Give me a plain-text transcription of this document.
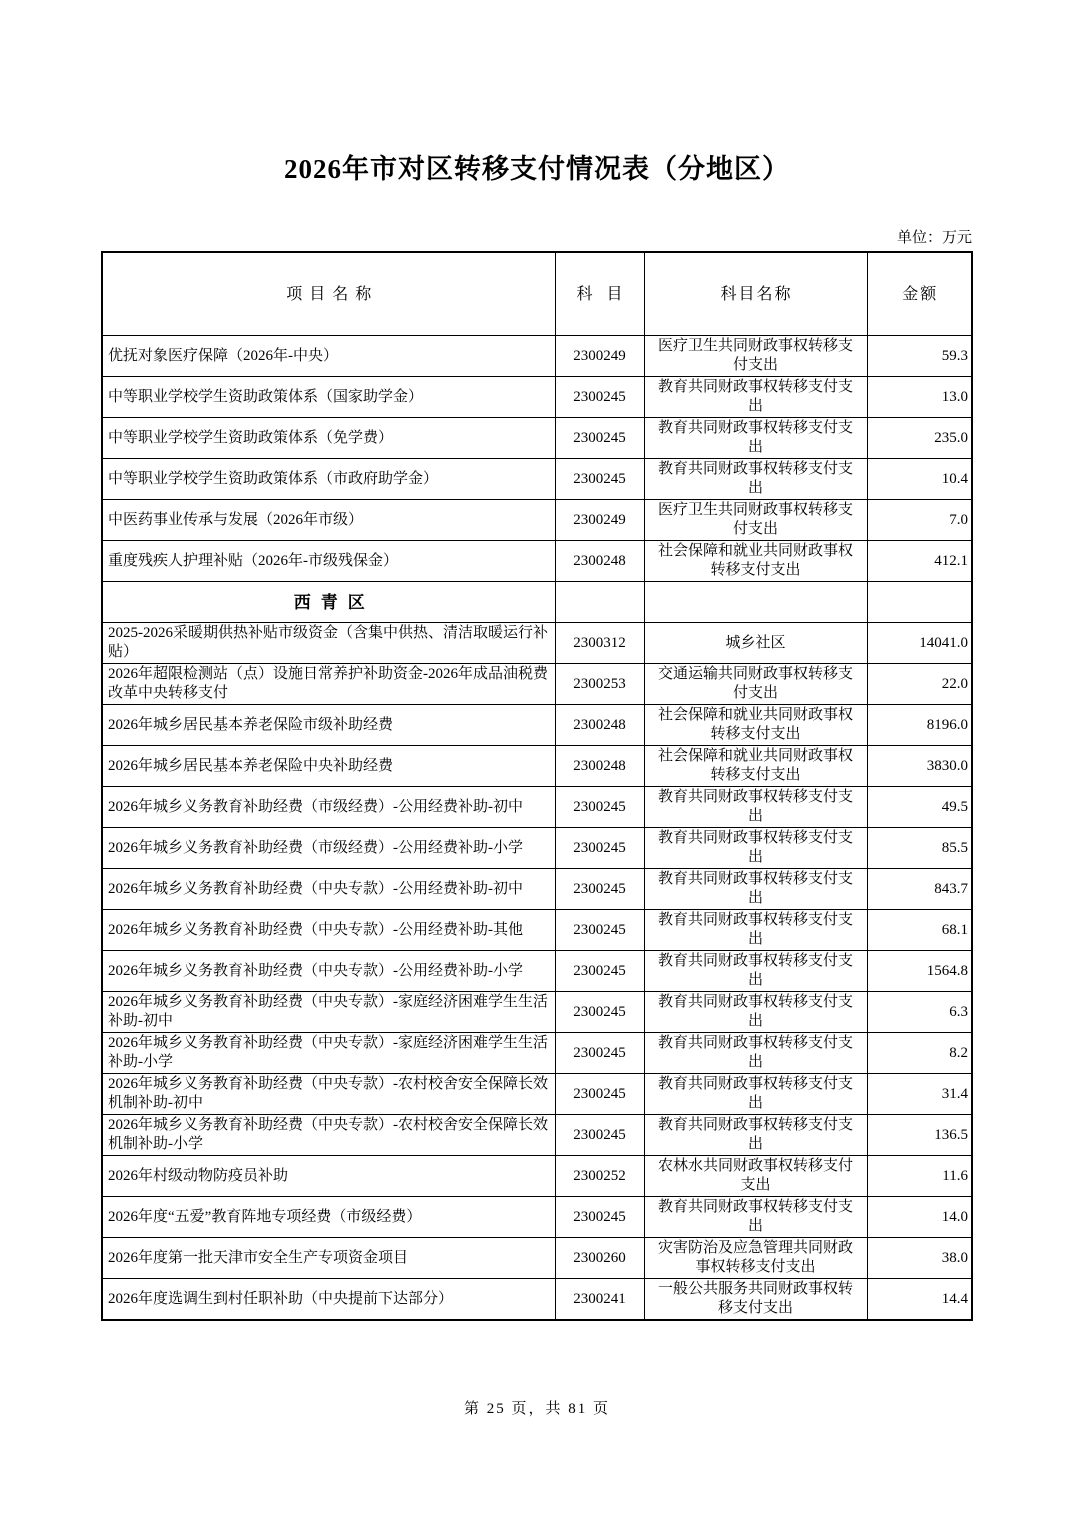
2026年市对区转移支付情况表（分地区）
单位：万元
项目名称	科目	科目名称	金额
优抚对象医疗保障（2026年-中央）	2300249	医疗卫生共同财政事权转移支付支出	59.3
中等职业学校学生资助政策体系（国家助学金）	2300245	教育共同财政事权转移支付支出	13.0
中等职业学校学生资助政策体系（免学费）	2300245	教育共同财政事权转移支付支出	235.0
中等职业学校学生资助政策体系（市政府助学金）	2300245	教育共同财政事权转移支付支出	10.4
中医药事业传承与发展（2026年市级）	2300249	医疗卫生共同财政事权转移支付支出	7.0
重度残疾人护理补贴（2026年-市级残保金）	2300248	社会保障和就业共同财政事权转移支付支出	412.1
西青区			
2025-2026采暖期供热补贴市级资金（含集中供热、清洁取暖运行补贴）	2300312	城乡社区	14041.0
2026年超限检测站（点）设施日常养护补助资金-2026年成品油税费改革中央转移支付	2300253	交通运输共同财政事权转移支付支出	22.0
2026年城乡居民基本养老保险市级补助经费	2300248	社会保障和就业共同财政事权转移支付支出	8196.0
2026年城乡居民基本养老保险中央补助经费	2300248	社会保障和就业共同财政事权转移支付支出	3830.0
2026年城乡义务教育补助经费（市级经费）-公用经费补助-初中	2300245	教育共同财政事权转移支付支出	49.5
2026年城乡义务教育补助经费（市级经费）-公用经费补助-小学	2300245	教育共同财政事权转移支付支出	85.5
2026年城乡义务教育补助经费（中央专款）-公用经费补助-初中	2300245	教育共同财政事权转移支付支出	843.7
2026年城乡义务教育补助经费（中央专款）-公用经费补助-其他	2300245	教育共同财政事权转移支付支出	68.1
2026年城乡义务教育补助经费（中央专款）-公用经费补助-小学	2300245	教育共同财政事权转移支付支出	1564.8
2026年城乡义务教育补助经费（中央专款）-家庭经济困难学生生活补助-初中	2300245	教育共同财政事权转移支付支出	6.3
2026年城乡义务教育补助经费（中央专款）-家庭经济困难学生生活补助-小学	2300245	教育共同财政事权转移支付支出	8.2
2026年城乡义务教育补助经费（中央专款）-农村校舍安全保障长效机制补助-初中	2300245	教育共同财政事权转移支付支出	31.4
2026年城乡义务教育补助经费（中央专款）-农村校舍安全保障长效机制补助-小学	2300245	教育共同财政事权转移支付支出	136.5
2026年村级动物防疫员补助	2300252	农林水共同财政事权转移支付支出	11.6
2026年度“五爱”教育阵地专项经费（市级经费）	2300245	教育共同财政事权转移支付支出	14.0
2026年度第一批天津市安全生产专项资金项目	2300260	灾害防治及应急管理共同财政事权转移支付支出	38.0
2026年度选调生到村任职补助（中央提前下达部分）	2300241	一般公共服务共同财政事权转移支付支出	14.4
第 25 页，共 81 页
